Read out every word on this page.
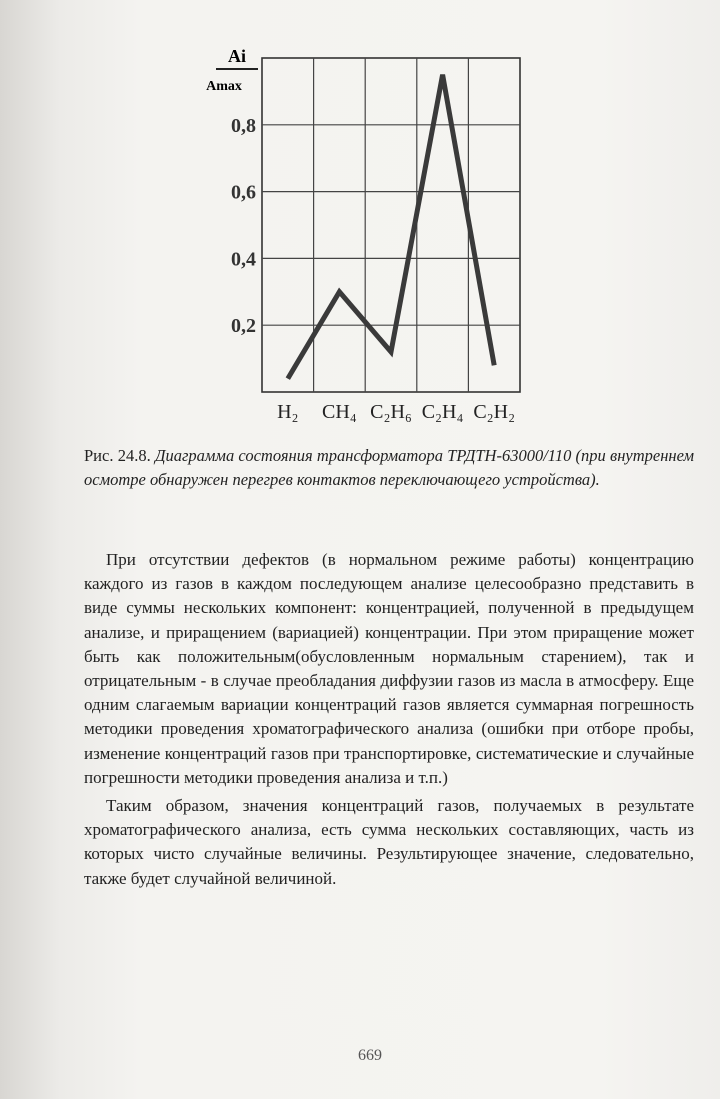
Ai
Amax
0,2
0,4
0,6
0,8
H₂ CH₄ C₂H₆ C₂H₄ C₂H₂
Рис. 24.8. Диаграмма состояния трансформатора ТРДТН-63000/110 (при внутреннем осмотре обнаружен перегрев контактов переключающего устройства).

При отсутствии дефектов (в нормальном режиме работы) концентрацию каждого из газов в каждом последующем анализе целесообразно представить в виде суммы нескольких компонент: концентрацией, полученной в предыдущем анализе, и приращением (вариацией) концентрации. При этом приращение может быть как положительным(обусловленным нормальным старением), так и отрицательным - в случае преобладания диффузии газов из масла в атмосферу. Еще одним слагаемым вариации концентраций газов является суммарная погрешность методики проведения хроматографического анализа (ошибки при отборе пробы, изменение концентраций газов при транспортировке, систематические и случайные погрешности методики проведения анализа и т.п.)

Таким образом, значения концентраций газов, получаемых в результате хроматографического анализа, есть сумма нескольких составляющих, часть из которых чисто случайные величины. Результирующее значение, следовательно, также будет случайной величиной.

669
